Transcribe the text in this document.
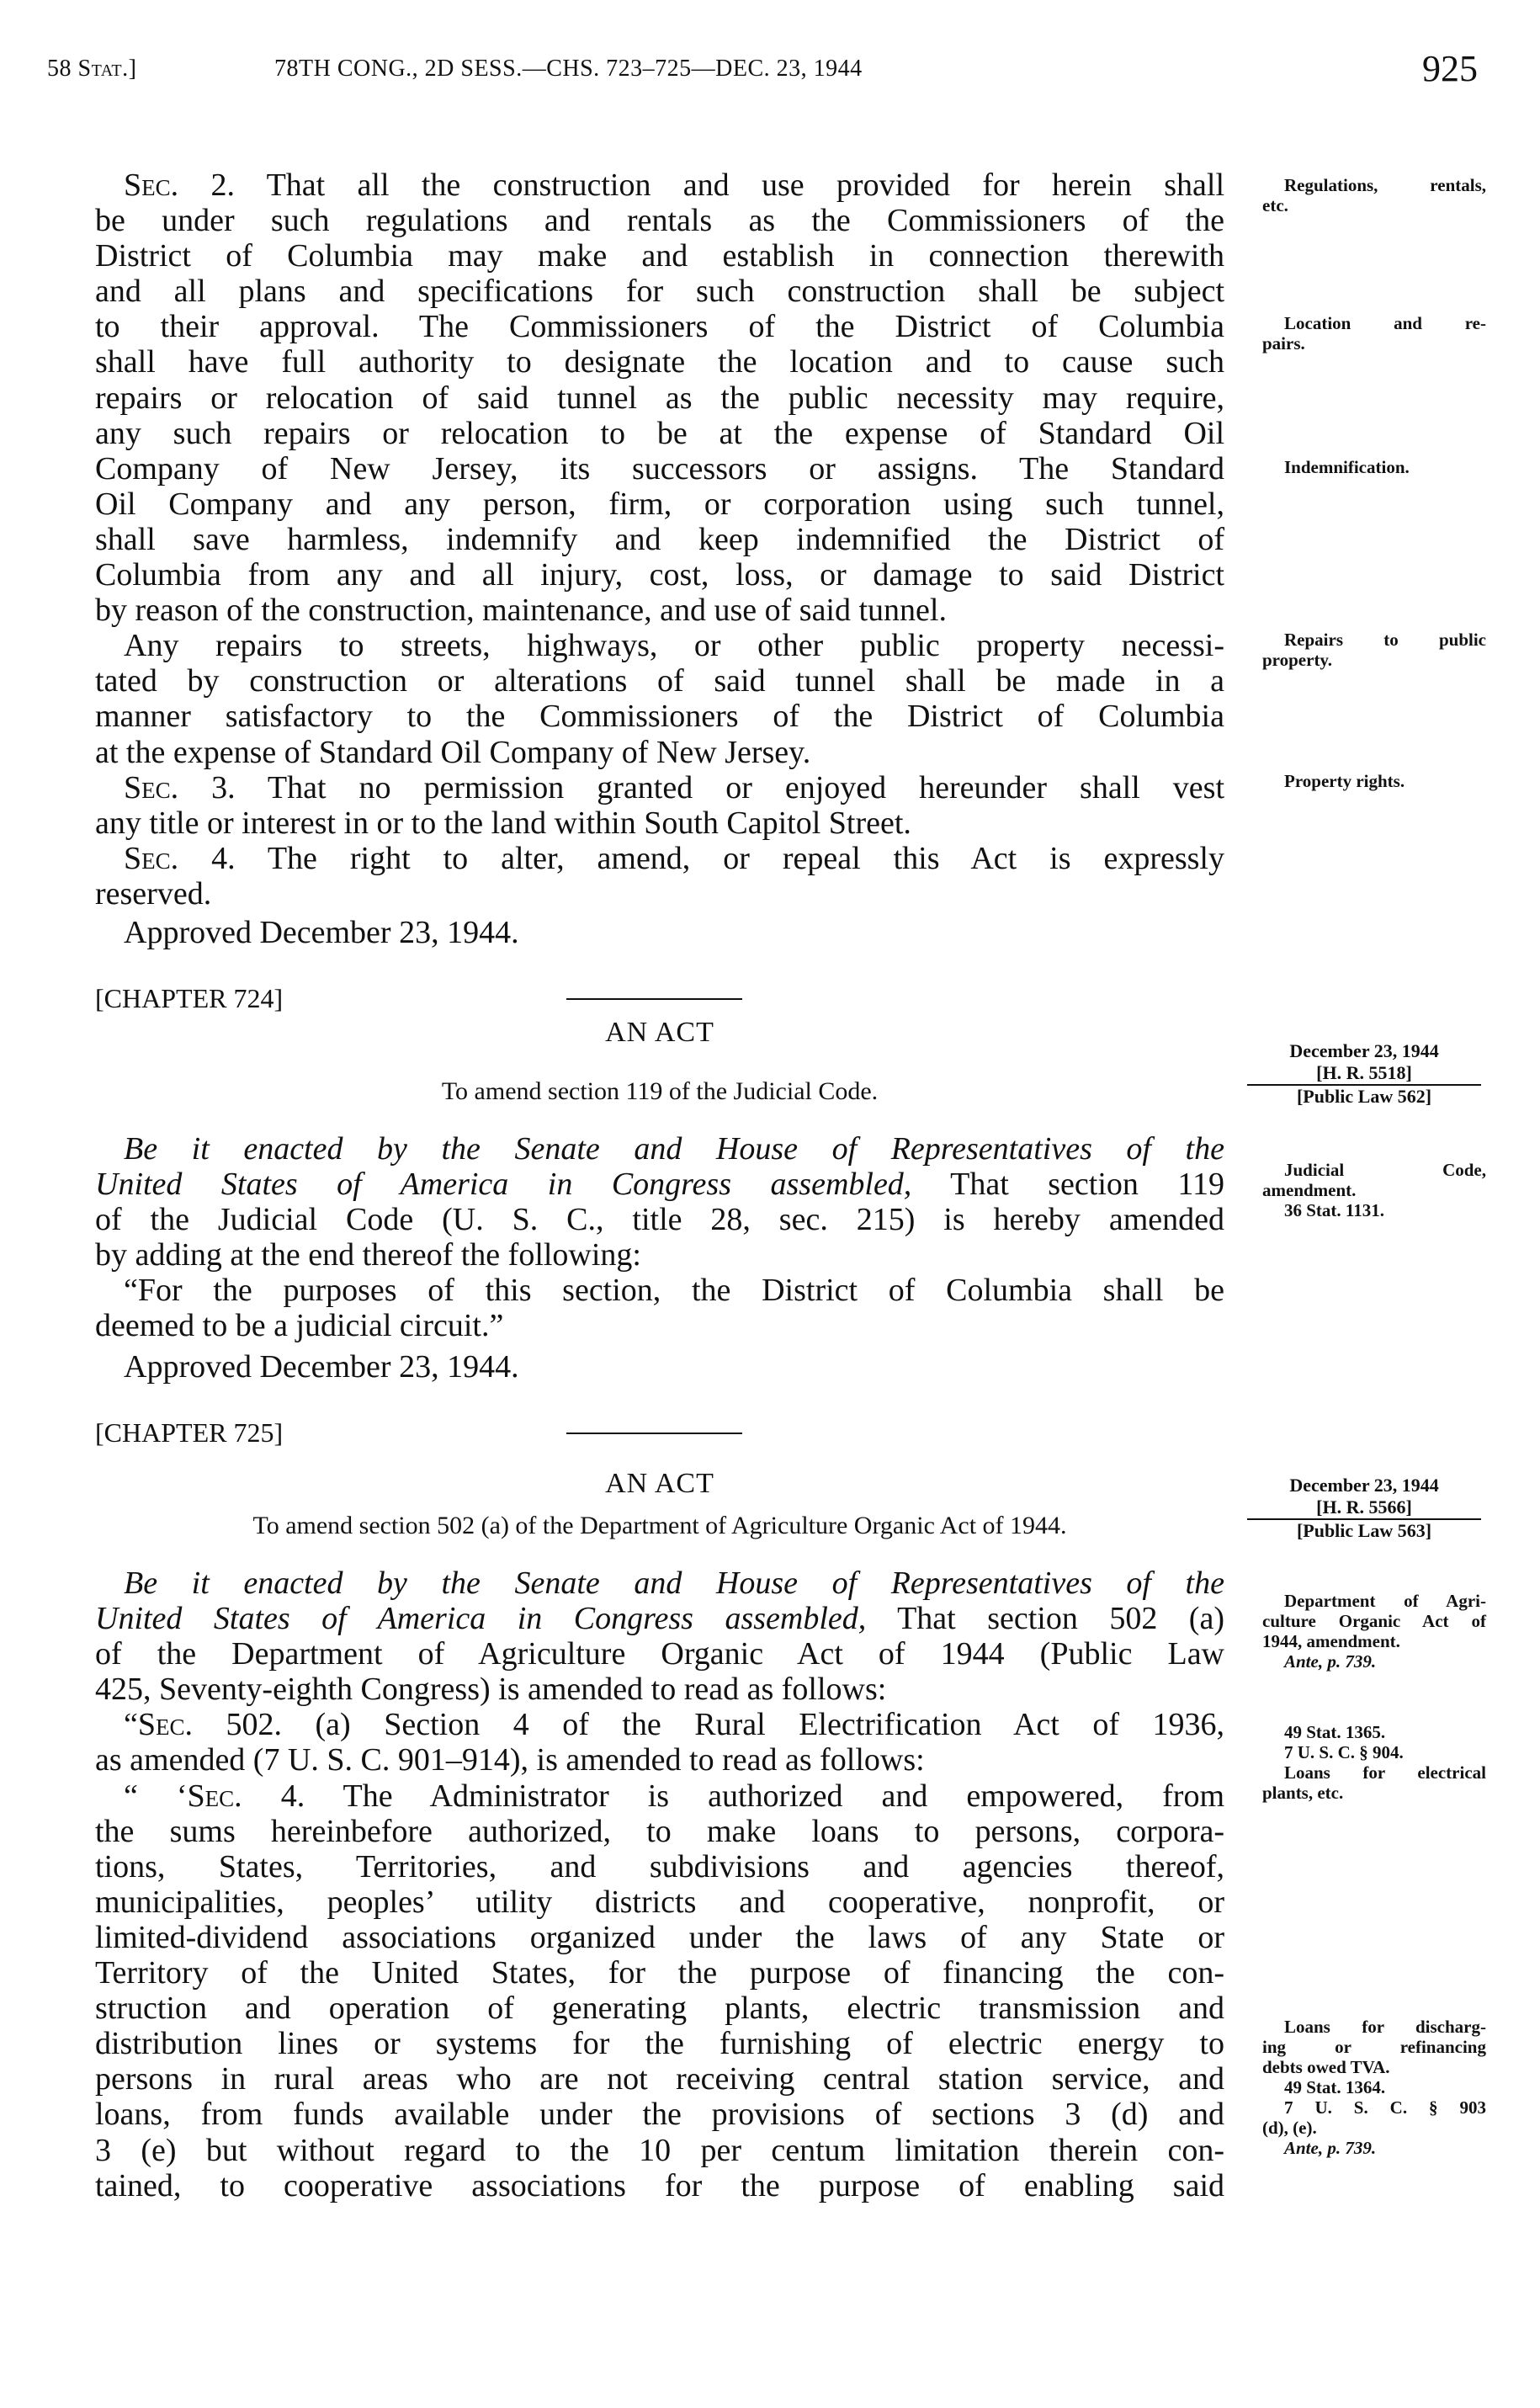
58 Stat.]	78TH CONG., 2D SESS.—CHS. 723–725—DEC. 23, 1944	925
Sec. 2. That all the construction and use provided for herein shall
be under such regulations and rentals as the Commissioners of the
District of Columbia may make and establish in connection therewith
and all plans and specifications for such construction shall be subject
to their approval. The Commissioners of the District of Columbia
shall have full authority to designate the location and to cause such
repairs or relocation of said tunnel as the public necessity may require,
any such repairs or relocation to be at the expense of Standard Oil
Company of New Jersey, its successors or assigns. The Standard
Oil Company and any person, firm, or corporation using such tunnel,
shall save harmless, indemnify and keep indemnified the District of
Columbia from any and all injury, cost, loss, or damage to said District
by reason of the construction, maintenance, and use of said tunnel.
Any repairs to streets, highways, or other public property necessi-
tated by construction or alterations of said tunnel shall be made in a
manner satisfactory to the Commissioners of the District of Columbia
at the expense of Standard Oil Company of New Jersey.
Sec. 3. That no permission granted or enjoyed hereunder shall vest
any title or interest in or to the land within South Capitol Street.
Sec. 4. The right to alter, amend, or repeal this Act is expressly
reserved.
Approved December 23, 1944.
[CHAPTER 724]
AN ACT
To amend section 119 of the Judicial Code.
December 23, 1944
[H. R. 5518]
[Public Law 562]
Be it enacted by the Senate and House of Representatives of the
United States of America in Congress assembled, That section 119
of the Judicial Code (U. S. C., title 28, sec. 215) is hereby amended
by adding at the end thereof the following:
“For the purposes of this section, the District of Columbia shall be
deemed to be a judicial circuit.”
Approved December 23, 1944.
[CHAPTER 725]
AN ACT
To amend section 502 (a) of the Department of Agriculture Organic Act of 1944.
December 23, 1944
[H. R. 5566]
[Public Law 563]
Be it enacted by the Senate and House of Representatives of the
United States of America in Congress assembled, That section 502 (a)
of the Department of Agriculture Organic Act of 1944 (Public Law
425, Seventy-eighth Congress) is amended to read as follows:
“Sec. 502. (a) Section 4 of the Rural Electrification Act of 1936,
as amended (7 U. S. C. 901–914), is amended to read as follows:
“ ‘Sec. 4. The Administrator is authorized and empowered, from
the sums hereinbefore authorized, to make loans to persons, corpora-
tions, States, Territories, and subdivisions and agencies thereof,
municipalities, peoples’ utility districts and cooperative, nonprofit, or
limited-dividend associations organized under the laws of any State or
Territory of the United States, for the purpose of financing the con-
struction and operation of generating plants, electric transmission and
distribution lines or systems for the furnishing of electric energy to
persons in rural areas who are not receiving central station service, and
loans, from funds available under the provisions of sections 3 (d) and
3 (e) but without regard to the 10 per centum limitation therein con-
tained, to cooperative associations for the purpose of enabling said
Regulations, rentals,
etc.
Location and re-
pairs.
Indemnification.
Repairs to public
property.
Property rights.
Judicial Code,
amendment.
36 Stat. 1131.
Department of Agri-
culture Organic Act of
1944, amendment.
Ante, p. 739.
49 Stat. 1365.
7 U. S. C. § 904.
Loans for electrical
plants, etc.
Loans for discharg-
ing or refinancing
debts owed TVA.
49 Stat. 1364.
7 U. S. C. § 903
(d), (e).
Ante, p. 739.
